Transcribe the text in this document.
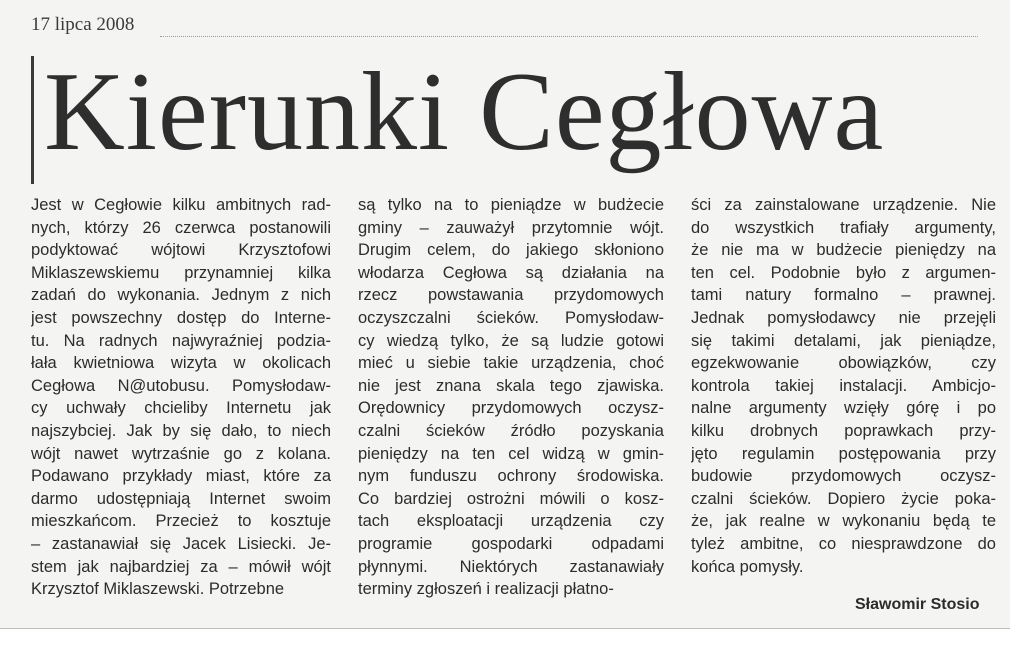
17 lipca 2008
Kierunki Cegłowa
Jest w Cegłowie kilku ambitnych rad-
nych, którzy 26 czerwca postanowili
podyktować wójtowi Krzysztofowi
Miklaszewskiemu przynamniej kilka
zadań do wykonania. Jednym z nich
jest powszechny dostęp do Interne-
tu. Na radnych najwyraźniej podzia-
łała kwietniowa wizyta w okolicach
Cegłowa N@utobusu. Pomysłodaw-
cy uchwały chcieliby Internetu jak
najszybciej. Jak by się dało, to niech
wójt nawet wytrzaśnie go z kolana.
Podawano przykłady miast, które za
darmo udostępniają Internet swoim
mieszkańcom. Przecież to kosztuje
– zastanawiał się Jacek Lisiecki. Je-
stem jak najbardziej za – mówił wójt
Krzysztof Miklaszewski. Potrzebne
są tylko na to pieniądze w budżecie
gminy – zauważył przytomnie wójt.
Drugim celem, do jakiego skłoniono
włodarza Cegłowa są działania na
rzecz powstawania przydomowych
oczyszczalni ścieków. Pomysłodaw-
cy wiedzą tylko, że są ludzie gotowi
mieć u siebie takie urządzenia, choć
nie jest znana skala tego zjawiska.
Orędownicy przydomowych oczysz-
czalni ścieków źródło pozyskania
pieniędzy na ten cel widzą w gmin-
nym funduszu ochrony środowiska.
Co bardziej ostrożni mówili o kosz-
tach eksploatacji urządzenia czy
programie gospodarki odpadami
płynnymi. Niektórych zastanawiały
terminy zgłoszeń i realizacji płatno-
ści za zainstalowane urządzenie. Nie
do wszystkich trafiały argumenty,
że nie ma w budżecie pieniędzy na
ten cel. Podobnie było z argumen-
tami natury formalno – prawnej.
Jednak pomysłodawcy nie przejęli
się takimi detalami, jak pieniądze,
egzekwowanie obowiązków, czy
kontrola takiej instalacji. Ambicjo-
nalne argumenty wzięły górę i po
kilku drobnych poprawkach przy-
jęto regulamin postępowania przy
budowie przydomowych oczysz-
czalni ścieków. Dopiero życie poka-
że, jak realne w wykonaniu będą te
tyleż ambitne, co niesprawdzone do
końca pomysły.
Sławomir Stosio
